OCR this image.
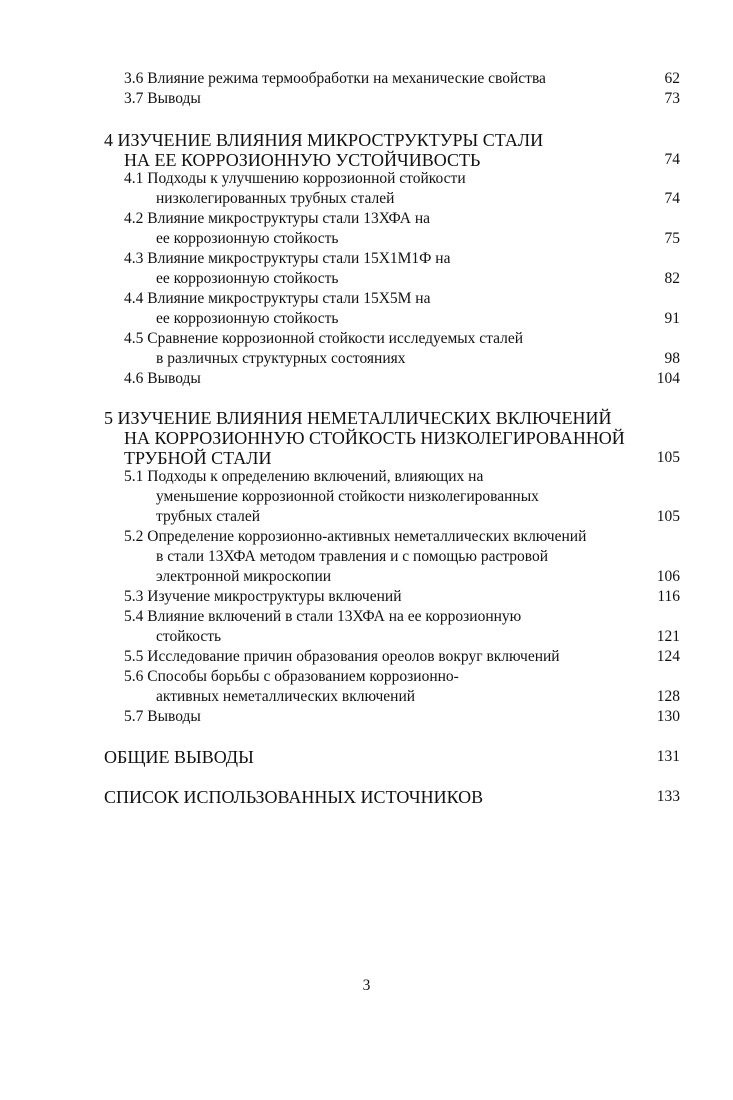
3.6 Влияние режима термообработки на механические свойства	62
3.7 Выводы	73
4 ИЗУЧЕНИЕ ВЛИЯНИЯ МИКРОСТРУКТУРЫ СТАЛИ
НА ЕЕ КОРРОЗИОННУЮ УСТОЙЧИВОСТЬ	74
4.1 Подходы к улучшению коррозионной стойкости
низколегированных трубных сталей	74
4.2 Влияние микроструктуры стали 13ХФА на
ее коррозионную стойкость	75
4.3 Влияние микроструктуры стали 15Х1М1Ф на
ее коррозионную стойкость	82
4.4 Влияние микроструктуры стали 15Х5М на
ее коррозионную стойкость	91
4.5 Сравнение коррозионной стойкости исследуемых сталей
в различных структурных состояниях	98
4.6 Выводы	104
5 ИЗУЧЕНИЕ ВЛИЯНИЯ НЕМЕТАЛЛИЧЕСКИХ ВКЛЮЧЕНИЙ
НА КОРРОЗИОННУЮ СТОЙКОСТЬ НИЗКОЛЕГИРОВАННОЙ
ТРУБНОЙ СТАЛИ	105
5.1 Подходы к определению включений, влияющих на
уменьшение коррозионной стойкости низколегированных
трубных сталей	105
5.2 Определение коррозионно-активных неметаллических включений
в стали 13ХФА методом травления и с помощью растровой
электронной микроскопии	106
5.3 Изучение микроструктуры включений	116
5.4 Влияние включений в стали 13ХФА на ее коррозионную
стойкость	121
5.5 Исследование причин образования ореолов вокруг включений	124
5.6 Способы борьбы с образованием коррозионно-
активных неметаллических включений	128
5.7 Выводы	130
ОБЩИЕ ВЫВОДЫ	131
СПИСОК ИСПОЛЬЗОВАННЫХ ИСТОЧНИКОВ	133
3
